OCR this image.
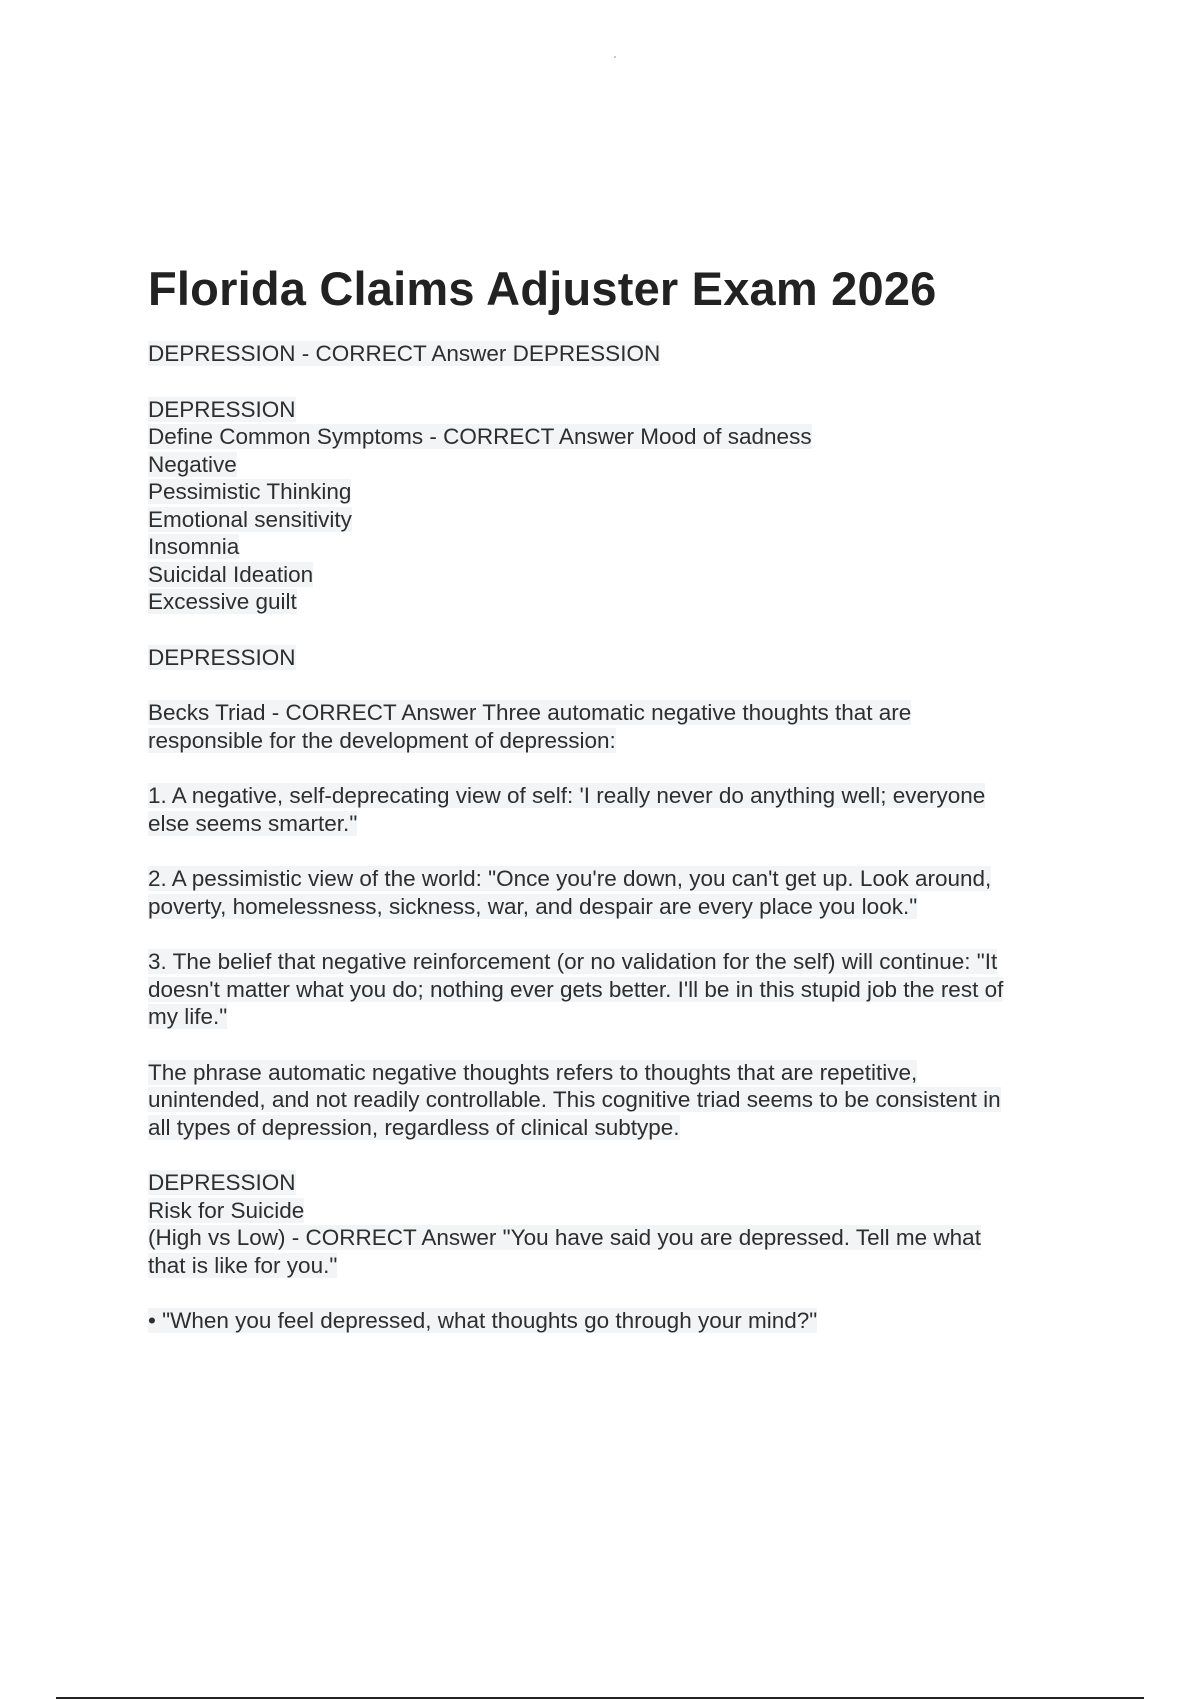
Florida Claims Adjuster Exam 2026
DEPRESSION - CORRECT Answer DEPRESSION
DEPRESSION
Define Common Symptoms - CORRECT Answer Mood of sadness
Negative
Pessimistic Thinking
Emotional sensitivity
Insomnia
Suicidal Ideation
Excessive guilt
DEPRESSION
Becks Triad - CORRECT Answer Three automatic negative thoughts that are
responsible for the development of depression:
1. A negative, self-deprecating view of self: 'I really never do anything well; everyone
else seems smarter."
2. A pessimistic view of the world: "Once you're down, you can't get up. Look around,
poverty, homelessness, sickness, war, and despair are every place you look."
3. The belief that negative reinforcement (or no validation for the self) will continue: "It
doesn't matter what you do; nothing ever gets better. I'll be in this stupid job the rest of
my life."
The phrase automatic negative thoughts refers to thoughts that are repetitive,
unintended, and not readily controllable. This cognitive triad seems to be consistent in
all types of depression, regardless of clinical subtype.
DEPRESSION
Risk for Suicide
(High vs Low) - CORRECT Answer "You have said you are depressed. Tell me what
that is like for you."
• "When you feel depressed, what thoughts go through your mind?"
